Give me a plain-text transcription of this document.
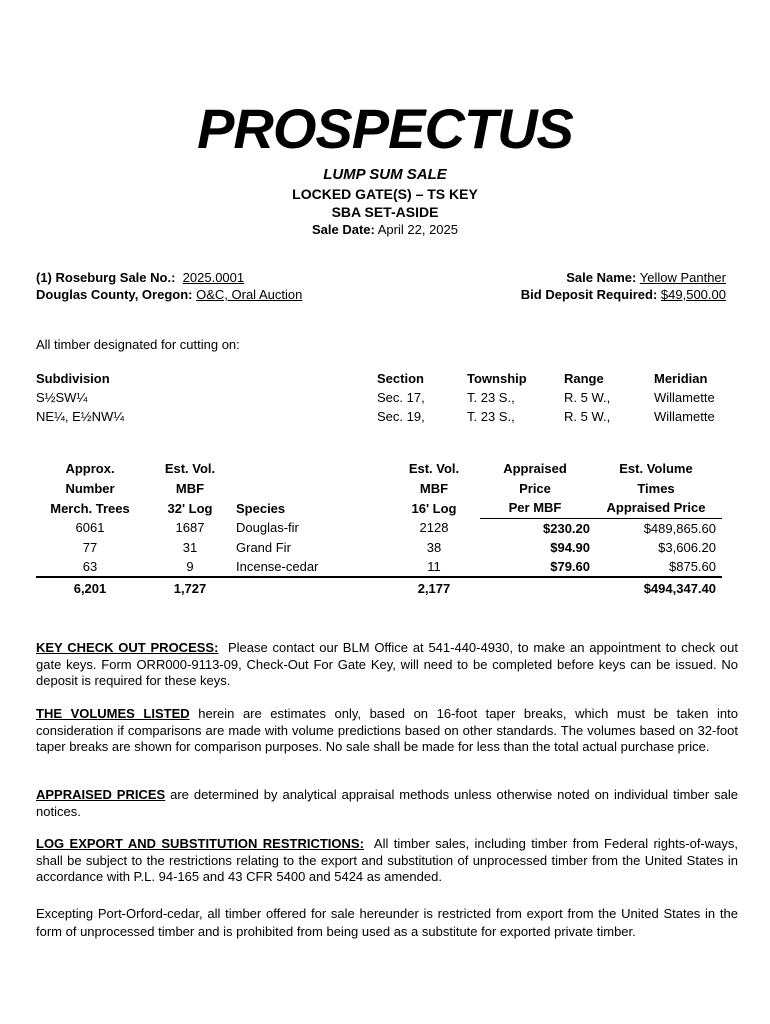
PROSPECTUS
LUMP SUM SALE
LOCKED GATE(S) – TS KEY
SBA SET-ASIDE
Sale Date: April 22, 2025
(1) Roseburg Sale No.: 2025.0001
Douglas County, Oregon: O&C, Oral Auction
Sale Name: Yellow Panther
Bid Deposit Required: $49,500.00
All timber designated for cutting on:
Subdivision	Section	Township	Range	Meridian
S½SW¼	Sec. 17,	T. 23 S.,	R. 5 W.,	Willamette
NE¼, E½NW¼	Sec. 19,	T. 23 S.,	R. 5 W.,	Willamette
Approx.	Est. Vol.		Est. Vol.	Appraised	Est. Volume
Number	MBF		MBF	Price	Times
Merch. Trees	32' Log	Species	16' Log	Per MBF	Appraised Price
6061	1687	Douglas-fir	2128	$230.20	$489,865.60
77	31	Grand Fir	38	$94.90	$3,606.20
63	9	Incense-cedar	11	$79.60	$875.60
6,201	1,727		2,177		$494,347.40
KEY CHECK OUT PROCESS: Please contact our BLM Office at 541-440-4930, to make an appointment to check out gate keys. Form ORR000-9113-09, Check-Out For Gate Key, will need to be completed before keys can be issued. No deposit is required for these keys.
THE VOLUMES LISTED herein are estimates only, based on 16-foot taper breaks, which must be taken into consideration if comparisons are made with volume predictions based on other standards. The volumes based on 32-foot taper breaks are shown for comparison purposes. No sale shall be made for less than the total actual purchase price.
APPRAISED PRICES are determined by analytical appraisal methods unless otherwise noted on individual timber sale notices.
LOG EXPORT AND SUBSTITUTION RESTRICTIONS: All timber sales, including timber from Federal rights-of-ways, shall be subject to the restrictions relating to the export and substitution of unprocessed timber from the United States in accordance with P.L. 94-165 and 43 CFR 5400 and 5424 as amended.
Excepting Port-Orford-cedar, all timber offered for sale hereunder is restricted from export from the United States in the form of unprocessed timber and is prohibited from being used as a substitute for exported private timber.
